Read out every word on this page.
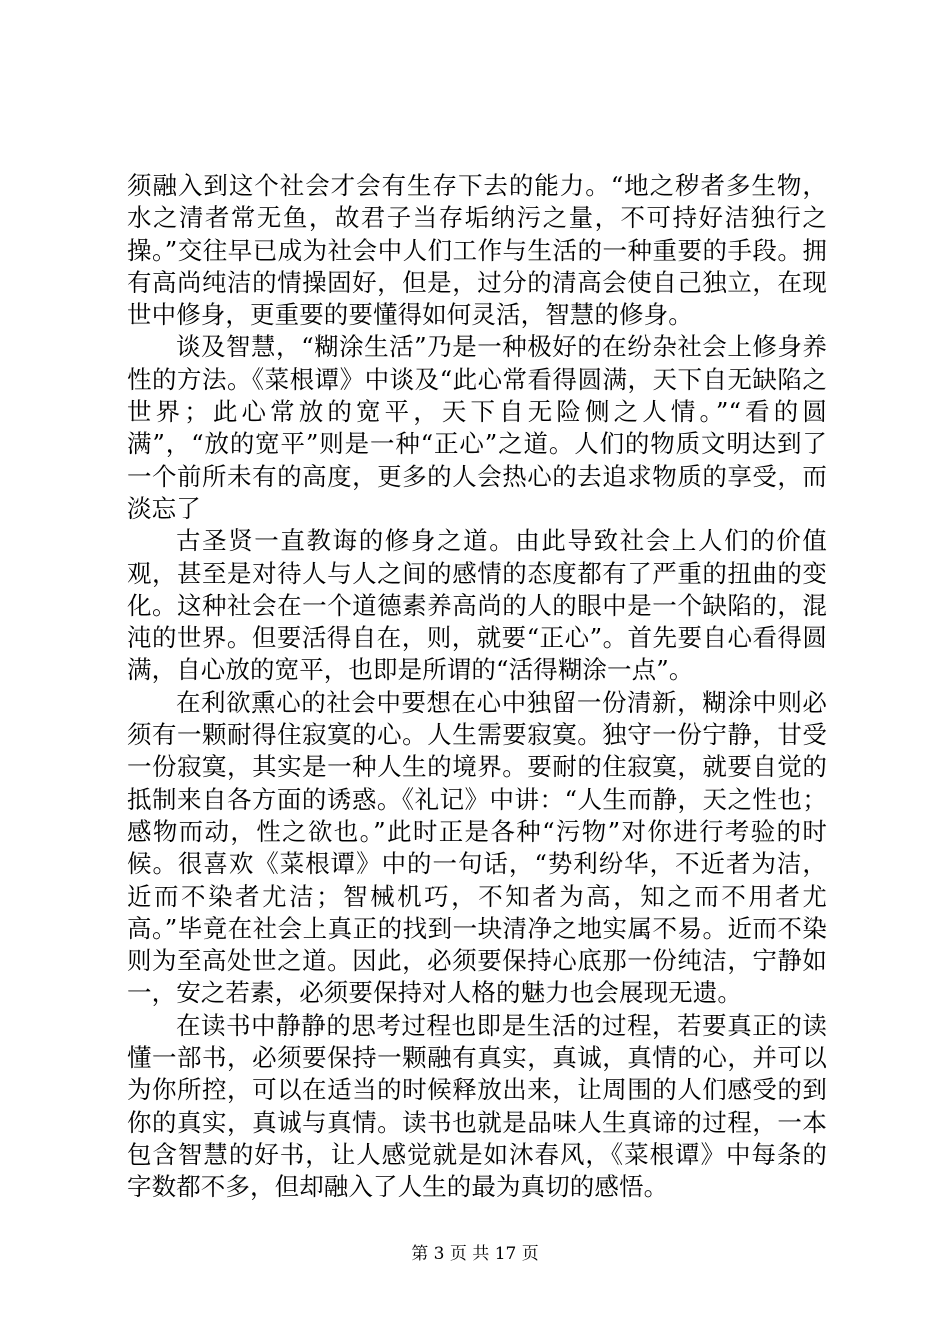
须融入到这个社会才会有生存下去的能力。“地之秽者多生物，水之清者常无鱼，故君子当存垢纳污之量，不可持好洁独行之操。”交往早已成为社会中人们工作与生活的一种重要的手段。拥有高尚纯洁的情操固好，但是，过分的清高会使自己独立，在现世中修身，更重要的要懂得如何灵活，智慧的修身。

谈及智慧，“糊涂生活”乃是一种极好的在纷杂社会上修身养性的方法。《菜根谭》中谈及“此心常看得圆满，天下自无缺陷之世界；此心常放的宽平，天下自无险侧之人情。”“看的圆满”，“放的宽平”则是一种“正心”之道。人们的物质文明达到了一个前所未有的高度，更多的人会热心的去追求物质的享受，而淡忘了

古圣贤一直教诲的修身之道。由此导致社会上人们的价值观，甚至是对待人与人之间的感情的态度都有了严重的扭曲的变化。这种社会在一个道德素养高尚的人的眼中是一个缺陷的，混沌的世界。但要活得自在，则，就要“正心”。首先要自心看得圆满，自心放的宽平，也即是所谓的“活得糊涂一点”。

在利欲熏心的社会中要想在心中独留一份清新，糊涂中则必须有一颗耐得住寂寞的心。人生需要寂寞。独守一份宁静，甘受一份寂寞，其实是一种人生的境界。要耐的住寂寞，就要自觉的抵制来自各方面的诱惑。《礼记》中讲：“人生而静，天之性也；感物而动，性之欲也。”此时正是各种“污物”对你进行考验的时候。很喜欢《菜根谭》中的一句话，“势利纷华，不近者为洁，近而不染者尤洁；智械机巧，不知者为高，知之而不用者尤高。”毕竟在社会上真正的找到一块清净之地实属不易。近而不染则为至高处世之道。因此，必须要保持心底那一份纯洁，宁静如一，安之若素，必须要保持对人格的魅力也会展现无遗。

在读书中静静的思考过程也即是生活的过程，若要真正的读懂一部书，必须要保持一颗融有真实，真诚，真情的心，并可以为你所控，可以在适当的时候释放出来，让周围的人们感受的到你的真实，真诚与真情。读书也就是品味人生真谛的过程，一本包含智慧的好书，让人感觉就是如沐春风，《菜根谭》中每条的字数都不多，但却融入了人生的最为真切的感悟。

第 3 页 共 17 页
